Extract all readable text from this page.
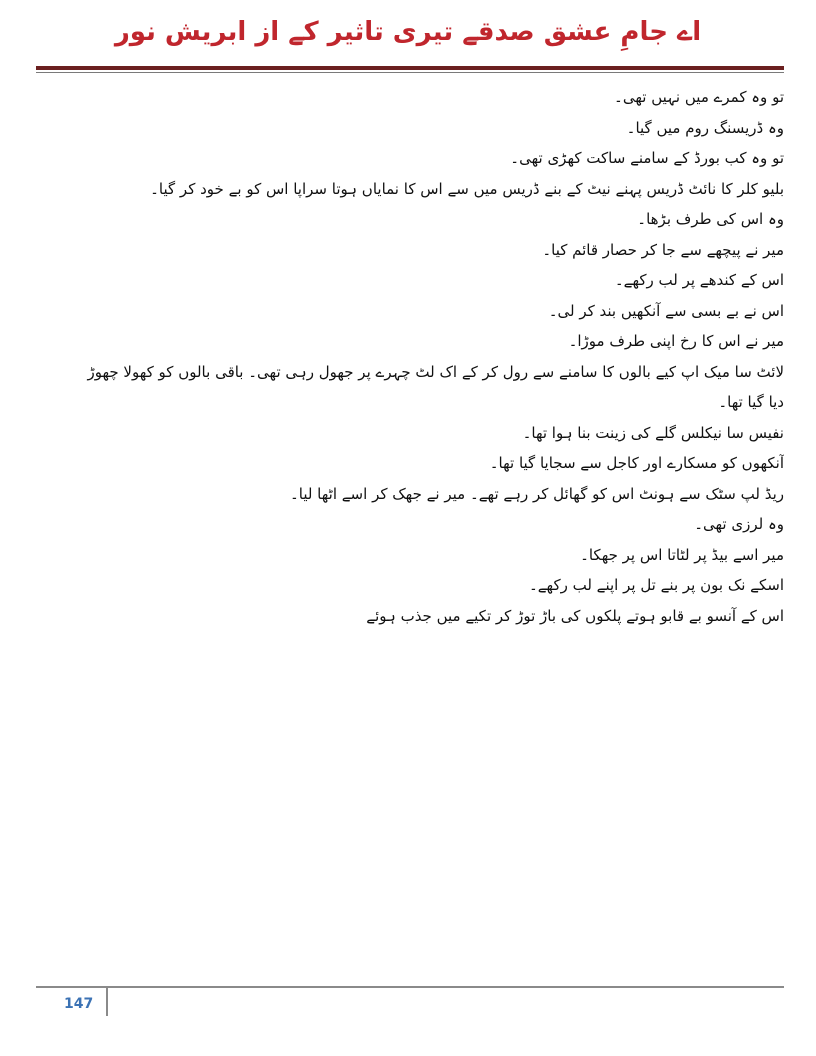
اے جامِ عشق صدقے تیری تاثیر کے از ابریش نور
تو وہ کمرے میں نہیں تھی۔
وہ ڈریسنگ روم میں گیا۔
تو وہ کب بورڈ کے سامنے ساکت کھڑی تھی۔
بلیو کلر کا نائٹ ڈریس پہنے نیٹ کے بنے ڈریس میں سے اس کا نمایاں ہوتا سراپا اس کو بے خود کر گیا۔
وہ اس کی طرف بڑھا۔
میر نے پیچھے سے جا کر حصار قائم کیا۔
اس کے کندھے پر لب رکھے۔
اس نے بے بسی سے آنکھیں بند کر لی۔
میر نے اس کا رخ اپنی طرف موڑا۔
لائٹ سا میک اپ کیے بالوں کا سامنے سے رول کر کے اک لٹ چہرے پر جھول رہی تھی۔ باقی بالوں کو کھولا چھوڑ
دیا گیا تھا۔
نفیس سا نیکلس گلے کی زینت بنا ہوا تھا۔
آنکھوں کو مسکارے اور کاجل سے سجایا گیا تھا۔
ریڈ لپ سٹک سے ہونٹ اس کو گھائل کر رہے تھے۔ میر نے جھک کر اسے اٹھا لیا۔
وہ لرزی تھی۔
میر اسے بیڈ پر لٹاتا اس پر جھکا۔
اسکے نک بون پر بنے تل پر اپنے لب رکھے۔
اس کے آنسو بے قابو ہوتے پلکوں کی باڑ توڑ کر تکیے میں جذب ہوئے
147
